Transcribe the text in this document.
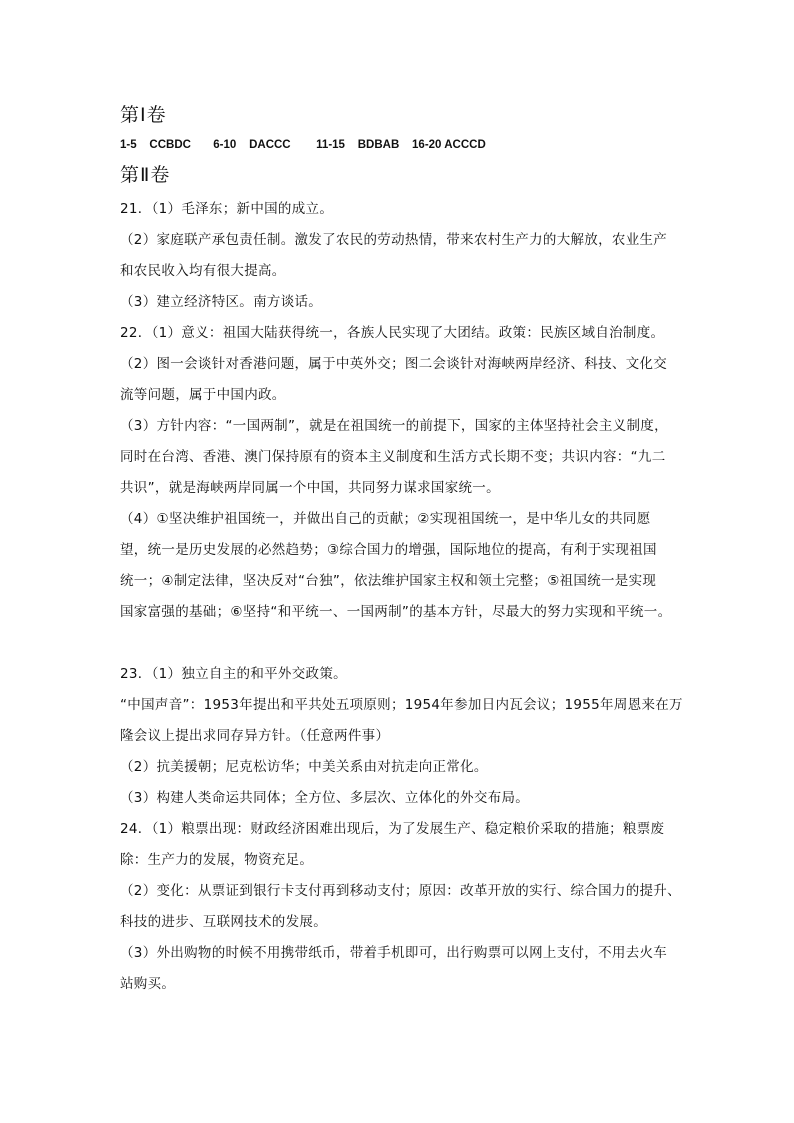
第Ⅰ卷
1-5    CCBDC       6-10    DACCC        11-15    BDBAB    16-20 ACCCD
第Ⅱ卷
21．（1）毛泽东；新中国的成立。
（2）家庭联产承包责任制。激发了农民的劳动热情，带来农村生产力的大解放，农业生产
和农民收入均有很大提高。
（3）建立经济特区。南方谈话。
22．（1）意义：祖国大陆获得统一，各族人民实现了大团结。政策：民族区域自治制度。
（2）图一会谈针对香港问题，属于中英外交；图二会谈针对海峡两岸经济、科技、文化交
流等问题，属于中国内政。
（3）方针内容：“一国两制”，就是在祖国统一的前提下，国家的主体坚持社会主义制度，
同时在台湾、香港、澳门保持原有的资本主义制度和生活方式长期不变；共识内容：“九二
共识”，就是海峡两岸同属一个中国，共同努力谋求国家统一。
（4）①坚决维护祖国统一，并做出自己的贡献；②实现祖国统一，是中华儿女的共同愿
望，统一是历史发展的必然趋势；③综合国力的增强，国际地位的提高，有利于实现祖国
统一；④制定法律，坚决反对“台独”，依法维护国家主权和领土完整；⑤祖国统一是实现
国家富强的基础；⑥坚持“和平统一、一国两制”的基本方针，尽最大的努力实现和平统一。
23．（1）独立自主的和平外交政策。
“中国声音”：1953年提出和平共处五项原则；1954年参加日内瓦会议；1955年周恩来在万
隆会议上提出求同存异方针。（任意两件事）
（2）抗美援朝；尼克松访华；中美关系由对抗走向正常化。
（3）构建人类命运共同体；全方位、多层次、立体化的外交布局。
24．（1）粮票出现：财政经济困难出现后，为了发展生产、稳定粮价采取的措施；粮票废
除：生产力的发展，物资充足。
（2）变化：从票证到银行卡支付再到移动支付；原因：改革开放的实行、综合国力的提升、
科技的进步、互联网技术的发展。
（3）外出购物的时候不用携带纸币，带着手机即可，出行购票可以网上支付，不用去火车
站购买。
